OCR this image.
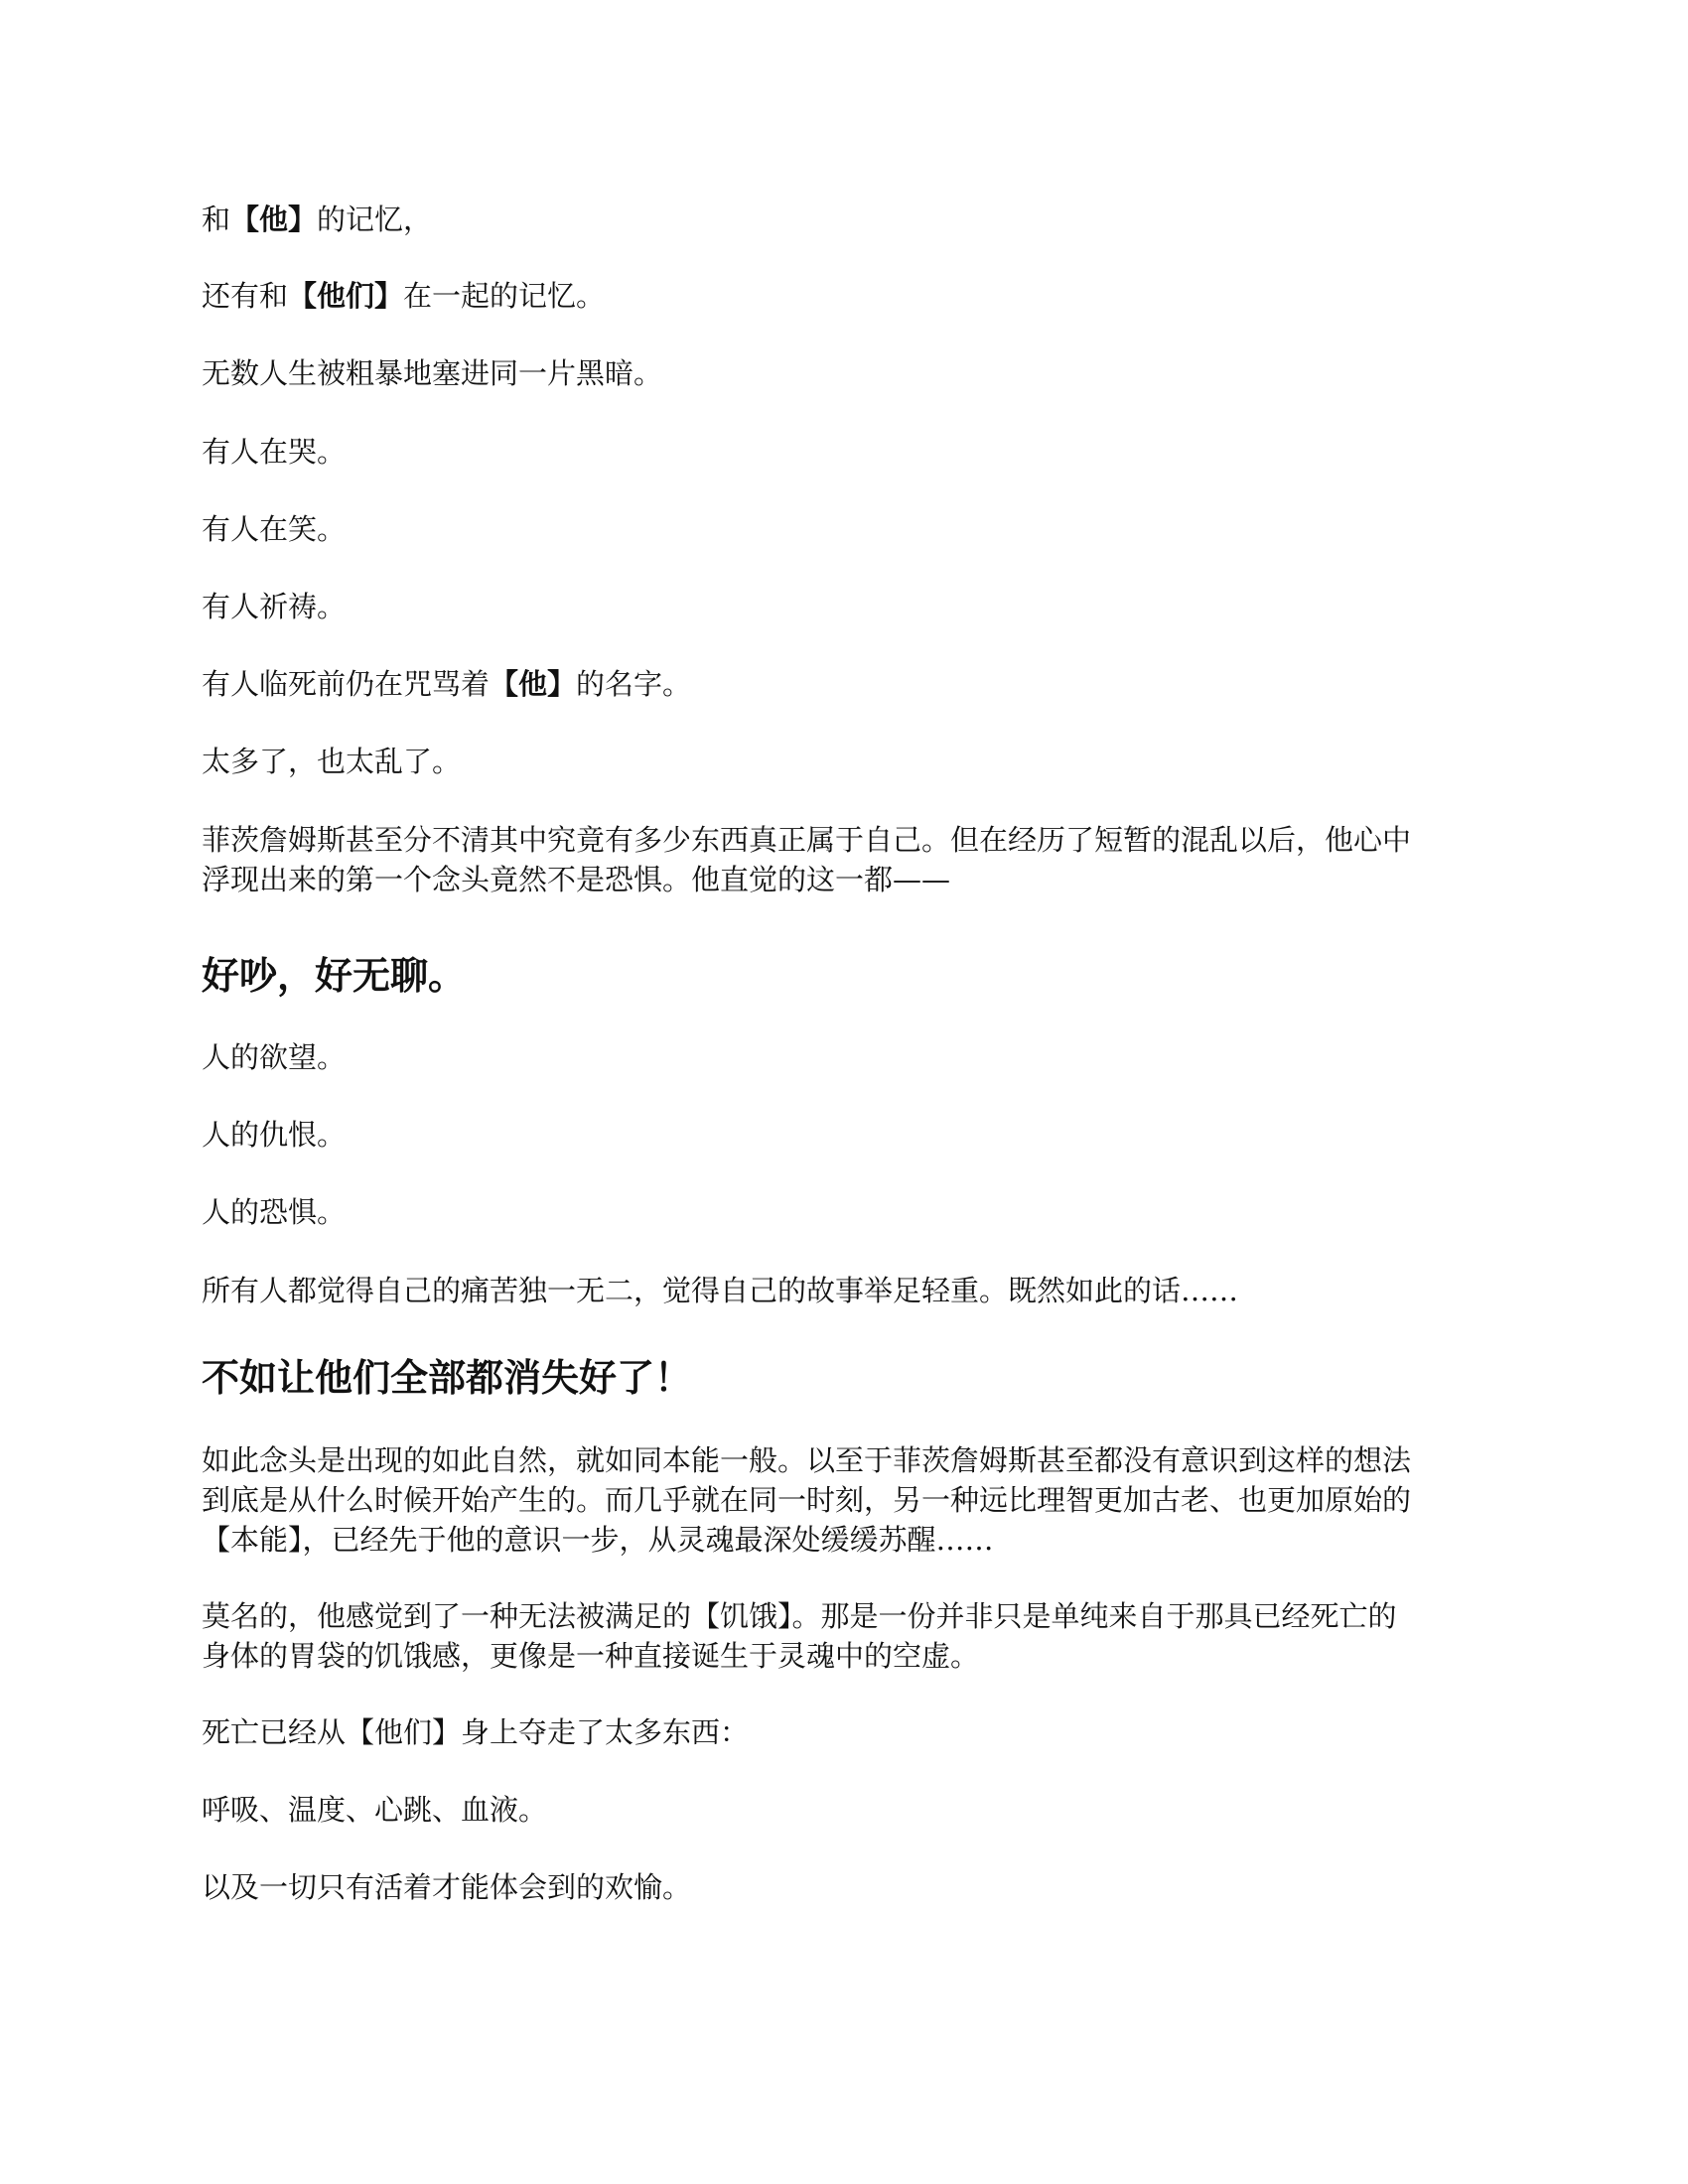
和【他】的记忆，
还有和【他们】在一起的记忆。
无数人生被粗暴地塞进同一片黑暗。
有人在哭。
有人在笑。
有人祈祷。
有人临死前仍在咒骂着【他】的名字。
太多了，也太乱了。
菲茨詹姆斯甚至分不清其中究竟有多少东西真正属于自己。但在经历了短暂的混乱以后，他心中
浮现出来的第一个念头竟然不是恐惧。他直觉的这一都——
好吵，好无聊。
人的欲望。
人的仇恨。
人的恐惧。
所有人都觉得自己的痛苦独一无二，觉得自己的故事举足轻重。既然如此的话……
不如让他们全部都消失好了！
如此念头是出现的如此自然，就如同本能一般。以至于菲茨詹姆斯甚至都没有意识到这样的想法
到底是从什么时候开始产生的。而几乎就在同一时刻，另一种远比理智更加古老、也更加原始的
【本能】，已经先于他的意识一步，从灵魂最深处缓缓苏醒……
莫名的，他感觉到了一种无法被满足的【饥饿】。那是一份并非只是单纯来自于那具已经死亡的
身体的胃袋的饥饿感，更像是一种直接诞生于灵魂中的空虚。
死亡已经从【他们】身上夺走了太多东西：
呼吸、温度、心跳、血液。
以及一切只有活着才能体会到的欢愉。
